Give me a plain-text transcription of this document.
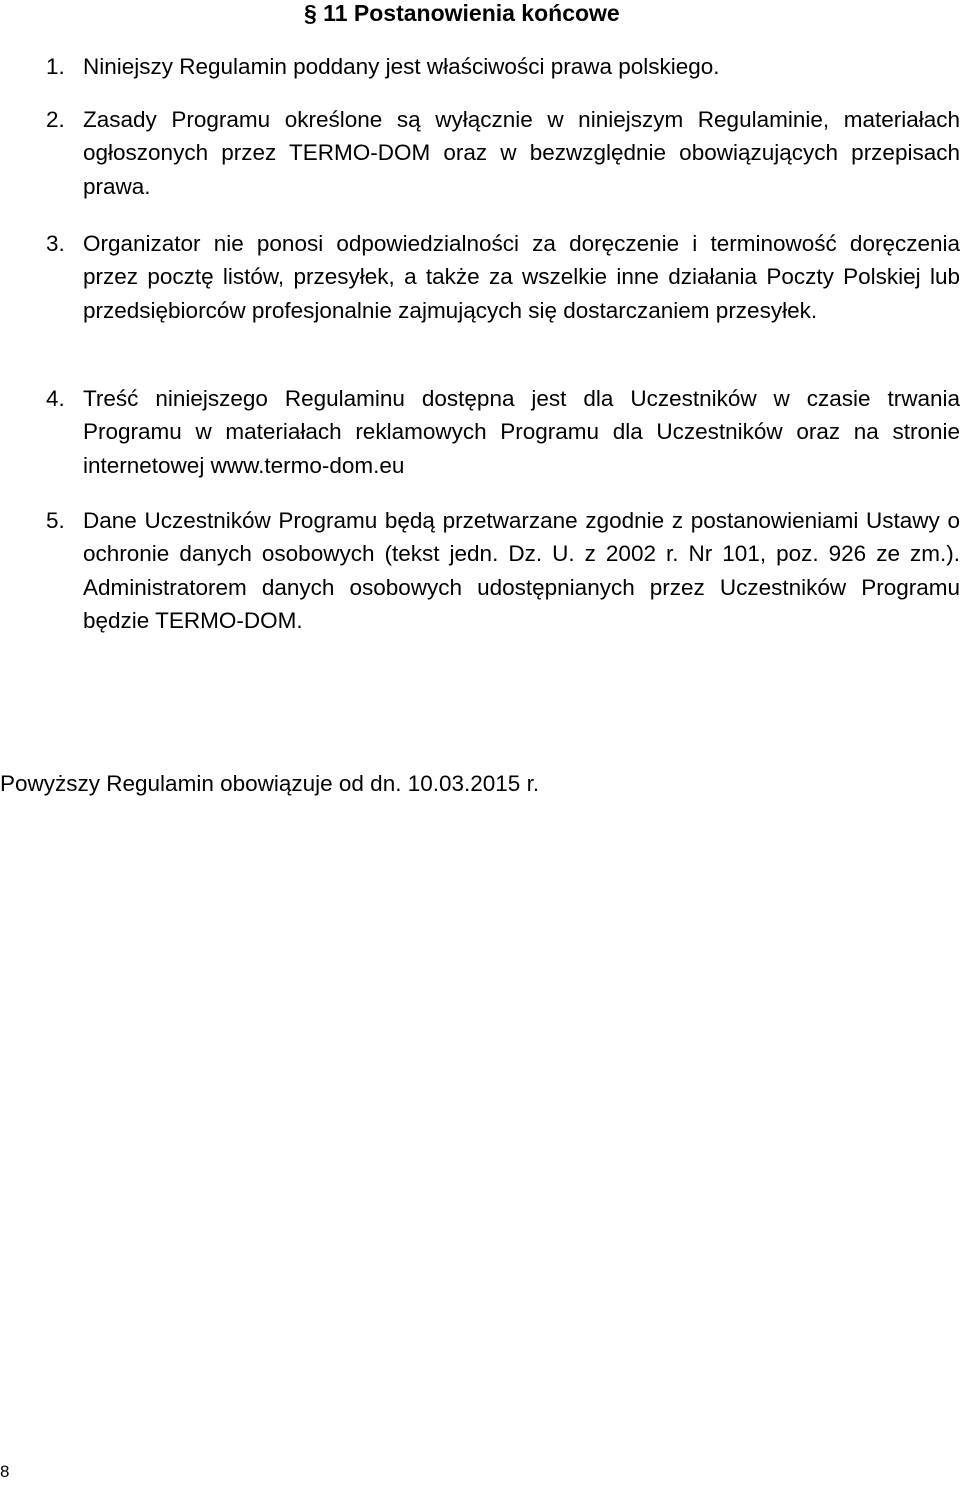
§ 11 Postanowienia końcowe
1. Niniejszy Regulamin poddany jest właściwości prawa polskiego.
2. Zasady Programu określone są wyłącznie w niniejszym Regulaminie, materiałach ogłoszonych przez TERMO-DOM oraz w bezwzględnie obowiązujących przepisach prawa.
3. Organizator nie ponosi odpowiedzialności za doręczenie i terminowość doręczenia przez pocztę listów, przesyłek, a także za wszelkie inne działania Poczty Polskiej lub przedsiębiorców profesjonalnie zajmujących się dostarczaniem przesyłek.
4. Treść niniejszego Regulaminu dostępna jest dla Uczestników w czasie trwania Programu w materiałach reklamowych Programu dla Uczestników oraz na stronie internetowej www.termo-dom.eu
5. Dane Uczestników Programu będą przetwarzane zgodnie z postanowieniami Ustawy o ochronie danych osobowych (tekst jedn. Dz. U. z 2002 r. Nr 101, poz. 926 ze zm.). Administratorem danych osobowych udostępnianych przez Uczestników Programu będzie TERMO-DOM.
Powyższy Regulamin obowiązuje od dn. 10.03.2015 r.
8
